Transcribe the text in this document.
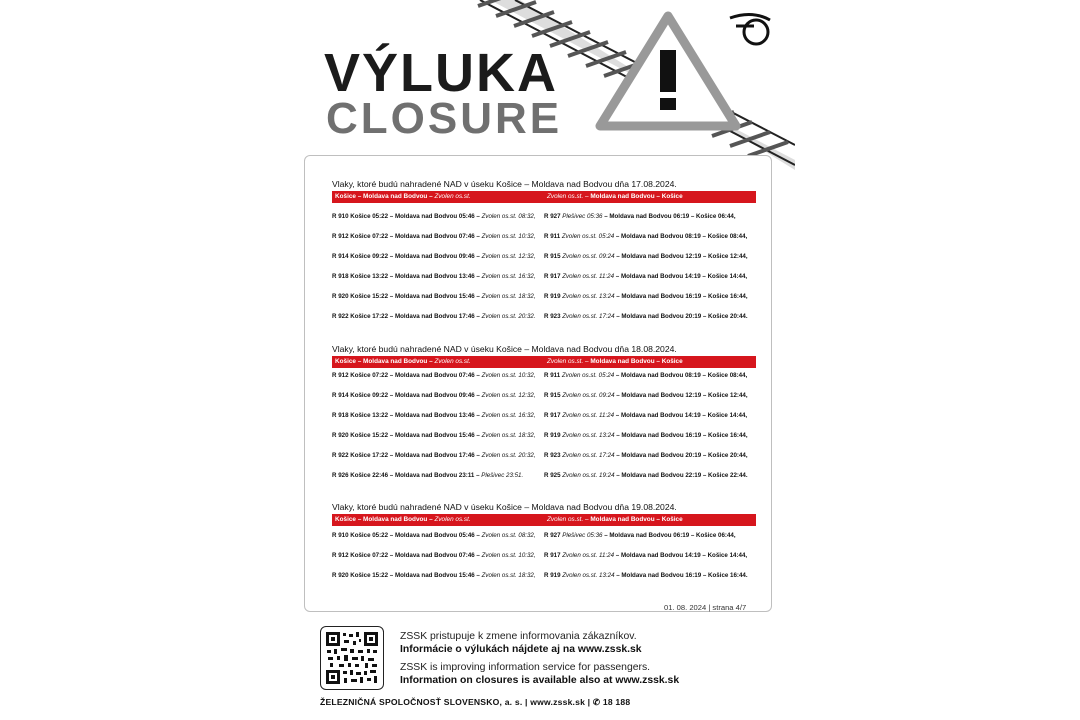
VÝLUKA
CLOSURE
Vlaky, ktoré budú nahradené NAD v úseku Košice – Moldava nad Bodvou dňa 17.08.2024.
Košice – Moldava nad Bodvou – Zvolen os.st.	Zvolen os.st. – Moldava nad Bodvou – Košice
R 910 Košice 05:22 – Moldava nad Bodvou 05:46 – Zvolen os.st. 08:32,	R 927 Plešivec 05:36 – Moldava nad Bodvou 06:19 – Košice 06:44,
R 912 Košice 07:22 – Moldava nad Bodvou 07:46 – Zvolen os.st. 10:32,	R 911 Zvolen os.st. 05:24 – Moldava nad Bodvou 08:19 – Košice 08:44,
R 914 Košice 09:22 – Moldava nad Bodvou 09:46 – Zvolen os.st. 12:32,	R 915 Zvolen os.st. 09:24 – Moldava nad Bodvou 12:19 – Košice 12:44,
R 918 Košice 13:22 – Moldava nad Bodvou 13:46 – Zvolen os.st. 16:32,	R 917 Zvolen os.st. 11:24 – Moldava nad Bodvou 14:19 – Košice 14:44,
R 920 Košice 15:22 – Moldava nad Bodvou 15:46 – Zvolen os.st. 18:32,	R 919 Zvolen os.st. 13:24 – Moldava nad Bodvou 16:19 – Košice 16:44,
R 922 Košice 17:22 – Moldava nad Bodvou 17:46 – Zvolen os.st. 20:32.	R 923 Zvolen os.st. 17:24 – Moldava nad Bodvou 20:19 – Košice 20:44.
Vlaky, ktoré budú nahradené NAD v úseku Košice – Moldava nad Bodvou dňa 18.08.2024.
Košice – Moldava nad Bodvou – Zvolen os.st.	Zvolen os.st. – Moldava nad Bodvou – Košice
R 912 Košice 07:22 – Moldava nad Bodvou 07:46 – Zvolen os.st. 10:32,	R 911 Zvolen os.st. 05:24 – Moldava nad Bodvou 08:19 – Košice 08:44,
R 914 Košice 09:22 – Moldava nad Bodvou 09:46 – Zvolen os.st. 12:32,	R 915 Zvolen os.st. 09:24 – Moldava nad Bodvou 12:19 – Košice 12:44,
R 918 Košice 13:22 – Moldava nad Bodvou 13:46 – Zvolen os.st. 16:32,	R 917 Zvolen os.st. 11:24 – Moldava nad Bodvou 14:19 – Košice 14:44,
R 920 Košice 15:22 – Moldava nad Bodvou 15:46 – Zvolen os.st. 18:32,	R 919 Zvolen os.st. 13:24 – Moldava nad Bodvou 16:19 – Košice 16:44,
R 922 Košice 17:22 – Moldava nad Bodvou 17:46 – Zvolen os.st. 20:32,	R 923 Zvolen os.st. 17:24 – Moldava nad Bodvou 20:19 – Košice 20:44,
R 926 Košice 22:46 – Moldava nad Bodvou 23:11 – Plešivec 23:51.	R 925 Zvolen os.st. 19:24 – Moldava nad Bodvou 22:19 – Košice 22:44.
Vlaky, ktoré budú nahradené NAD v úseku Košice – Moldava nad Bodvou dňa 19.08.2024.
Košice – Moldava nad Bodvou – Zvolen os.st.	Zvolen os.st. – Moldava nad Bodvou – Košice
R 910 Košice 05:22 – Moldava nad Bodvou 05:46 – Zvolen os.st. 08:32,	R 927 Plešivec 05:36 – Moldava nad Bodvou 06:19 – Košice 06:44,
R 912 Košice 07:22 – Moldava nad Bodvou 07:46 – Zvolen os.st. 10:32,	R 917 Zvolen os.st. 11:24 – Moldava nad Bodvou 14:19 – Košice 14:44,
R 920 Košice 15:22 – Moldava nad Bodvou 15:46 – Zvolen os.st. 18:32,	R 919 Zvolen os.st. 13:24 – Moldava nad Bodvou 16:19 – Košice 16:44.
01. 08. 2024 | strana 4/7
ZSSK pristupuje k zmene informovania zákazníkov.
Informácie o výlukách nájdete aj na www.zssk.sk
ZSSK is improving information service for passengers.
Information on closures is available also at www.zssk.sk
ŽELEZNIČNÁ SPOLOČNOSŤ SLOVENSKO, a. s. | www.zssk.sk | ✆ 18 188
